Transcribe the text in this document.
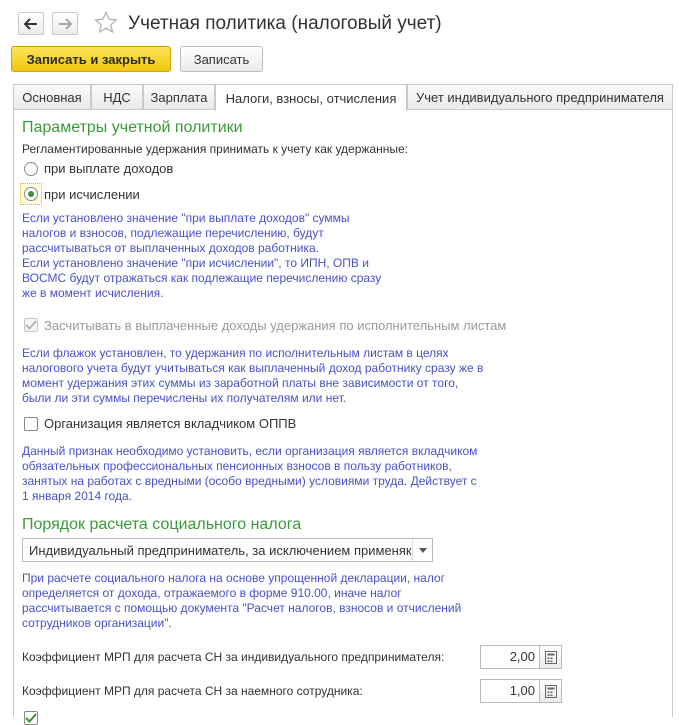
Учетная политика (налоговый учет)
Записать и закрыть	Записать
Основная	НДС	Зарплата	Налоги, взносы, отчисления	Учет индивидуального предпринимателя
Параметры учетной политики
Регламентированные удержания принимать к учету как удержанные:
при выплате доходов
при исчислении
Если установлено значение "при выплате доходов" суммы
налогов и взносов, подлежащие перечислению, будут
рассчитываться от выплаченных доходов работника.
Если установлено значение "при исчислении", то ИПН, ОПВ и
ВОСМС будут отражаться как подлежащие перечислению сразу
же в момент исчисления.
Засчитывать в выплаченные доходы удержания по исполнительным листам
Если флажок установлен, то удержания по исполнительным листам в целях
налогового учета будут учитываться как выплаченный доход работнику сразу же в
момент удержания этих суммы из заработной платы вне зависимости от того,
были ли эти суммы перечислены их получателям или нет.
Организация является вкладчиком ОППВ
Данный признак необходимо установить, если организация является вкладчиком
обязательных профессиональных пенсионных взносов в пользу работников,
занятых на работах с вредными (особо вредными) условиями труда. Действует с
1 января 2014 года.
Порядок расчета социального налога
Индивидуальный предприниматель, за исключением применяк
При расчете социального налога на основе упрощенной декларации, налог
определяется от дохода, отражаемого в форме 910.00, иначе налог
рассчитывается с помощью документа "Расчет налогов, взносов и отчислений
сотрудников организации".
Коэффициент МРП для расчета СН за индивидуального предпринимателя:	2,00
Коэффициент МРП для расчета СН за наемного сотрудника:	1,00
